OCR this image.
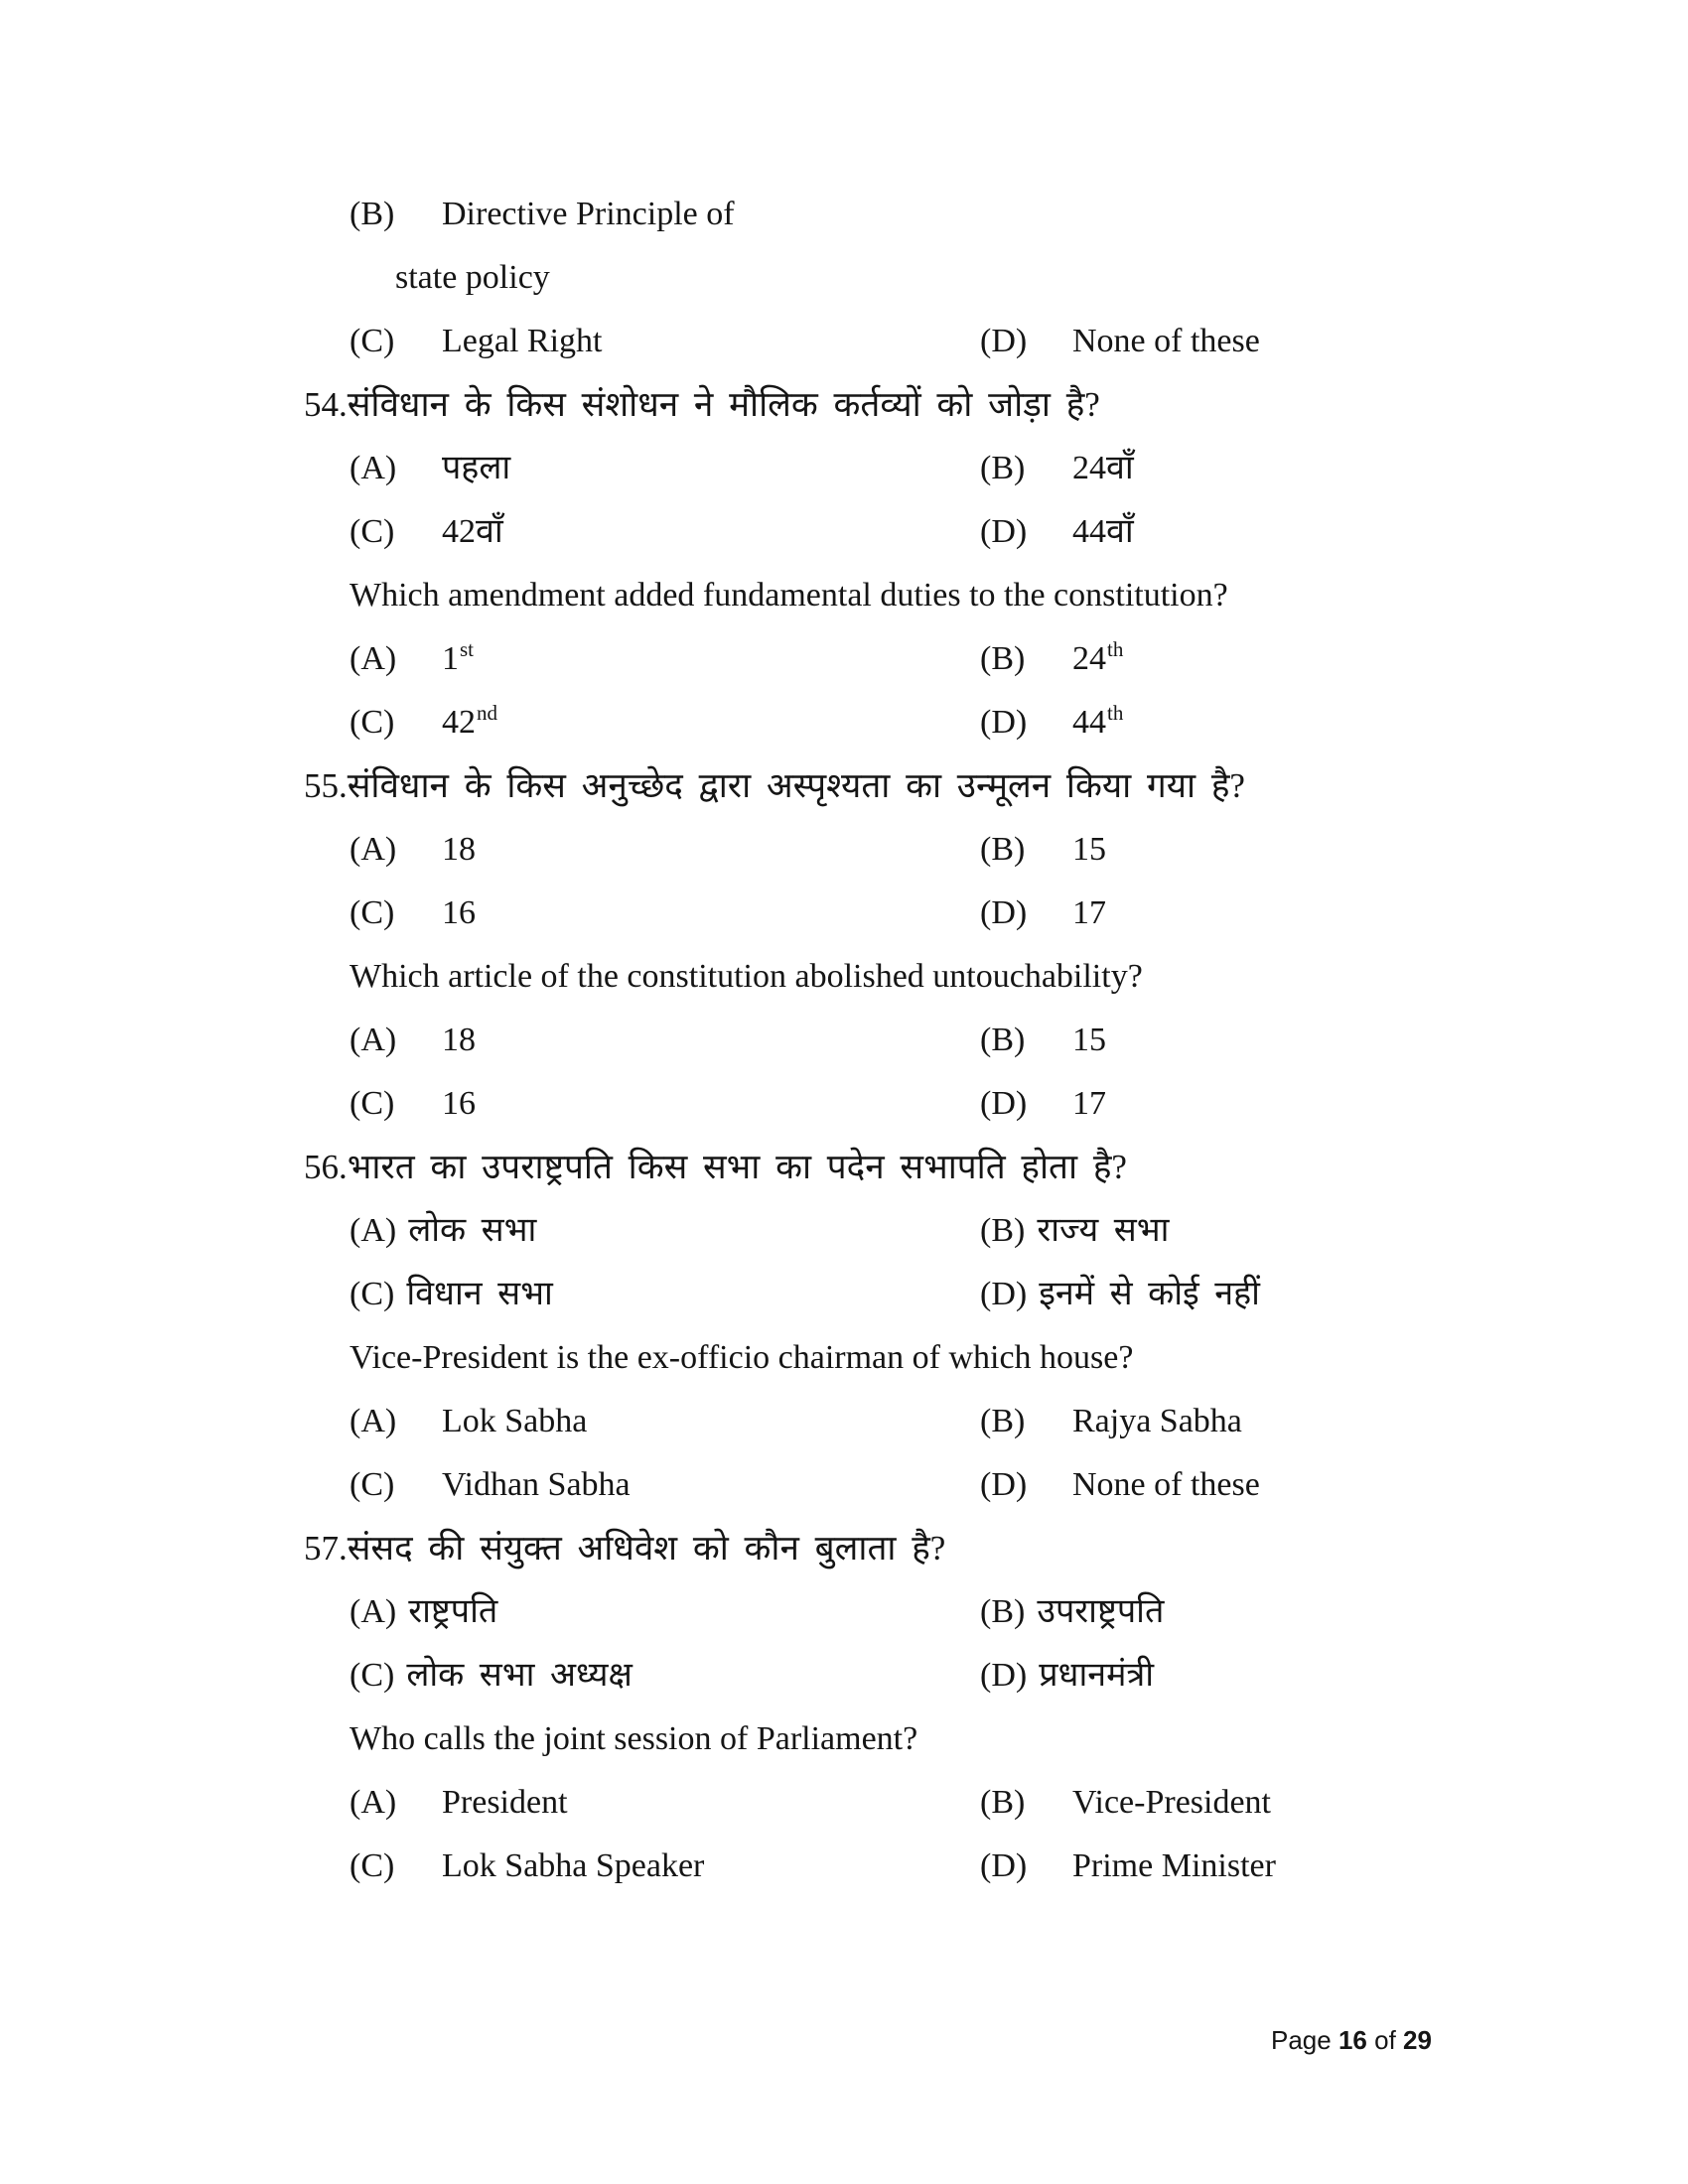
(B) Directive Principle of
state policy
(C) Legal Right	(D) None of these
54.संविधान के किस संशोधन ने मौलिक कर्तव्यों को जोड़ा है?
(A) पहला	(B) 24वाँ
(C) 42वाँ	(D) 44वाँ
Which amendment added fundamental duties to the constitution?
(A) 1st	(B) 24th
(C) 42nd	(D) 44th
55.संविधान के किस अनुच्छेद द्वारा अस्पृश्यता का उन्मूलन किया गया है?
(A) 18	(B) 15
(C) 16	(D) 17
Which article of the constitution abolished untouchability?
(A) 18	(B) 15
(C) 16	(D) 17
56.भारत का उपराष्ट्रपति किस सभा का पदेन सभापति होता है?
(A) लोक सभा	(B) राज्य सभा
(C) विधान सभा	(D) इनमें से कोई नहीं
Vice-President is the ex-officio chairman of which house?
(A) Lok Sabha	(B) Rajya Sabha
(C) Vidhan Sabha	(D) None of these
57.संसद की संयुक्त अधिवेश को कौन बुलाता है?
(A) राष्ट्रपति	(B) उपराष्ट्रपति
(C) लोक सभा अध्यक्ष	(D) प्रधानमंत्री
Who calls the joint session of Parliament?
(A) President	(B) Vice-President
(C) Lok Sabha Speaker	(D) Prime Minister
Page 16 of 29
